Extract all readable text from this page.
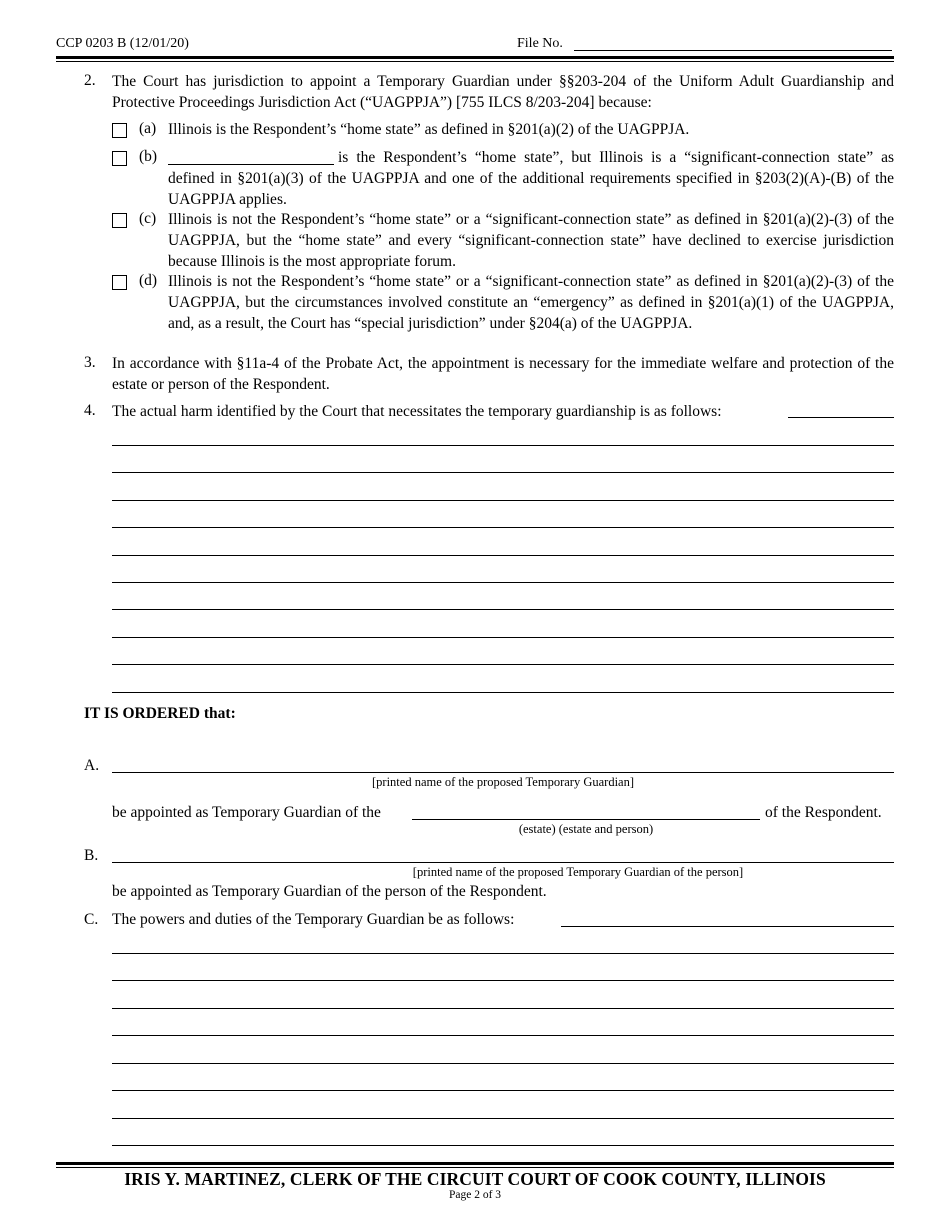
CCP 0203 B (12/01/20)	File No.
2. The Court has jurisdiction to appoint a Temporary Guardian under §§203-204 of the Uniform Adult Guardianship and Protective Proceedings Jurisdiction Act (“UAGPPJA”) [755 ILCS 8/203-204] because:
(a) Illinois is the Respondent’s “home state” as defined in §201(a)(2) of the UAGPPJA.
(b)	is the Respondent’s “home state”, but Illinois is a “significant-connection state” as defined in §201(a)(3) of the UAGPPJA and one of the additional requirements specified in §203(2)(A)-(B) of the UAGPPJA applies.
(c) Illinois is not the Respondent’s “home state” or a “significant-connection state” as defined in §201(a)(2)-(3) of the UAGPPJA, but the “home state” and every “significant-connection state” have declined to exercise jurisdiction because Illinois is the most appropriate forum.
(d) Illinois is not the Respondent’s “home state” or a “significant-connection state” as defined in §201(a)(2)-(3) of the UAGPPJA, but the circumstances involved constitute an “emergency” as defined in §201(a)(1) of the UAGPPJA, and, as a result, the Court has “special jurisdiction” under §204(a) of the UAGPPJA.
3. In accordance with §11a-4 of the Probate Act, the appointment is necessary for the immediate welfare and protection of the estate or person of the Respondent.
4. The actual harm identified by the Court that necessitates the temporary guardianship is as follows:
IT IS ORDERED that:
A.
[printed name of the proposed Temporary Guardian]
be appointed as Temporary Guardian of the	of the Respondent.
(estate) (estate and person)
B.
[printed name of the proposed Temporary Guardian of the person]
be appointed as Temporary Guardian of the person of the Respondent.
C. The powers and duties of the Temporary Guardian be as follows:
IRIS Y. MARTINEZ, CLERK OF THE CIRCUIT COURT OF COOK COUNTY, ILLINOIS
Page 2 of 3
